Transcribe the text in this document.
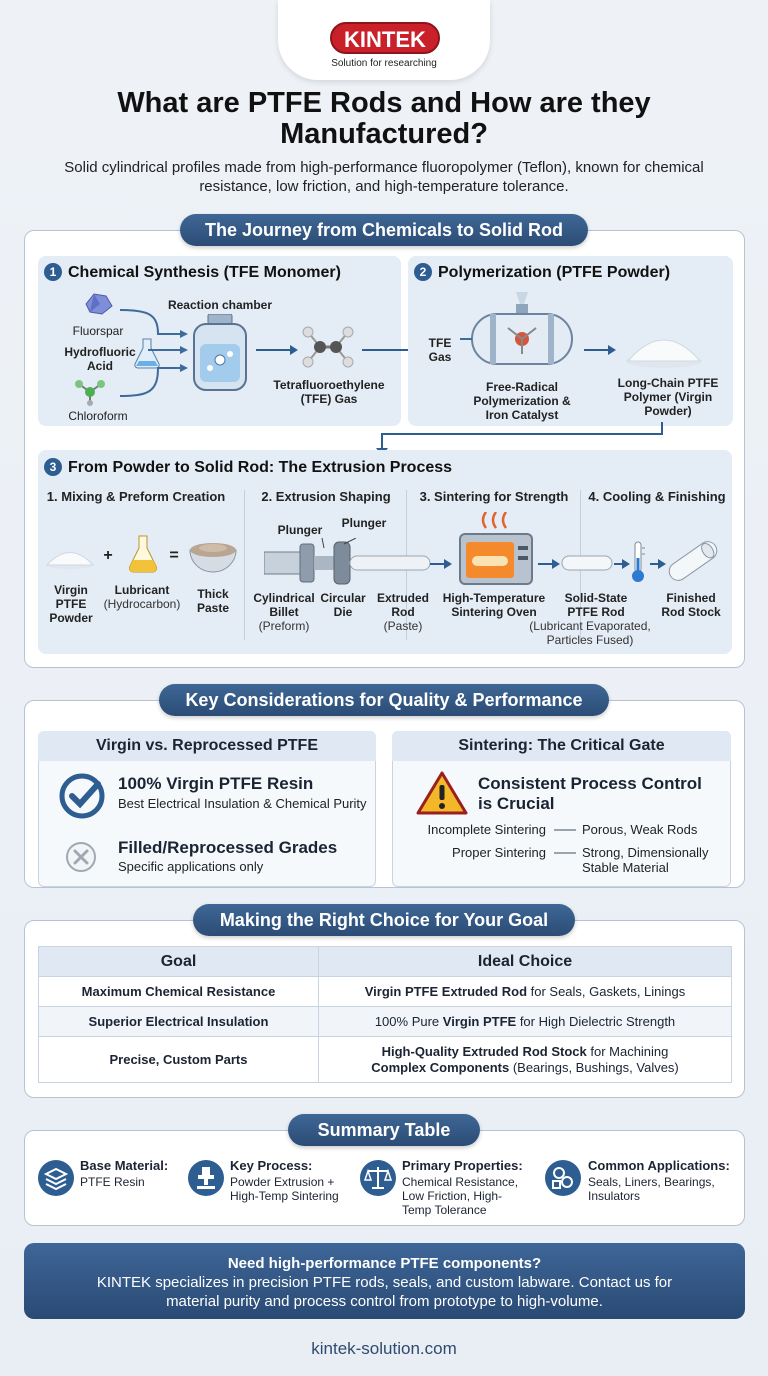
KINTEK
Solution for researching
What are PTFE Rods and How are they Manufactured?
Solid cylindrical profiles made from high-performance fluoropolymer (Teflon), known for chemical resistance, low friction, and high-temperature tolerance.
The Journey from Chemicals to Solid Rod
1 Chemical Synthesis (TFE Monomer)
Fluorspar
Hydrofluoric Acid
Chloroform
Reaction chamber
Tetrafluoroethylene (TFE) Gas
2 Polymerization (PTFE Powder)
TFE Gas
Free-Radical Polymerization & Iron Catalyst
Long-Chain PTFE Polymer (Virgin Powder)
3 From Powder to Solid Rod: The Extrusion Process
1. Mixing & Preform Creation	2. Extrusion Shaping	3. Sintering for Strength	4. Cooling & Finishing
+	=
Virgin PTFE Powder
Lubricant
(Hydrocarbon)
Thick Paste
Plunger	Plunger
Cylindrical Billet
(Preform)
Circular Die
Extruded Rod
(Paste)
High-Temperature Sintering Oven
Solid-State PTFE Rod
(Lubricant Evaporated, Particles Fused)
Finished Rod Stock
Key Considerations for Quality & Performance
Virgin vs. Reprocessed PTFE
100% Virgin PTFE Resin
Best Electrical Insulation & Chemical Purity
Filled/Reprocessed Grades
Specific applications only
Sintering: The Critical Gate
Consistent Process Control is Crucial
Incomplete Sintering	Porous, Weak Rods
Proper Sintering	Strong, Dimensionally Stable Material
Making the Right Choice for Your Goal
Goal	Ideal Choice
Maximum Chemical Resistance	Virgin PTFE Extruded Rod for Seals, Gaskets, Linings
Superior Electrical Insulation	100% Pure Virgin PTFE for High Dielectric Strength
Precise, Custom Parts	High-Quality Extruded Rod Stock for Machining
Complex Components (Bearings, Bushings, Valves)
Summary Table
Base Material:
PTFE Resin
Key Process:
Powder Extrusion + High-Temp Sintering
Primary Properties:
Chemical Resistance, Low Friction, High-Temp Tolerance
Common Applications:
Seals, Liners, Bearings, Insulators
Need high-performance PTFE components?
KINTEK specializes in precision PTFE rods, seals, and custom labware. Contact us for material purity and process control from prototype to high-volume.
kintek-solution.com
